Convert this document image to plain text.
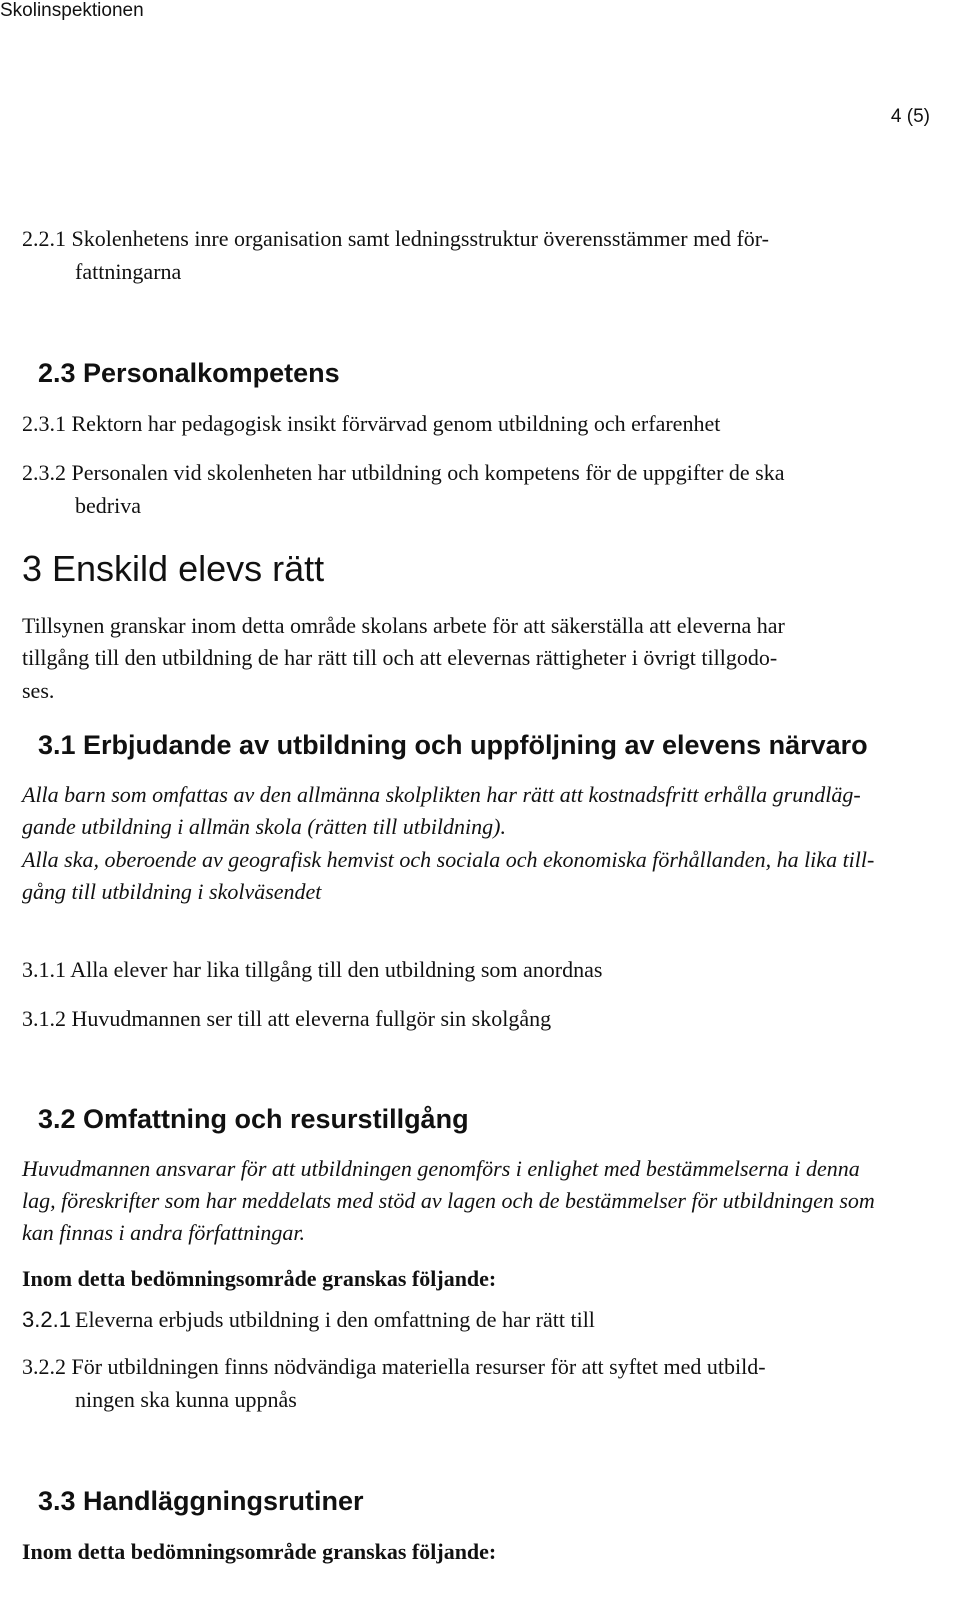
Skolinspektionen
4 (5)

2.2.1 Skolenhetens inre organisation samt ledningsstruktur överensstämmer med för-

fattningarna

2.3 Personalkompetens

2.3.1 Rektorn har pedagogisk insikt förvärvad genom utbildning och erfarenhet

2.3.2 Personalen vid skolenheten har utbildning och kompetens för de uppgifter de ska

bedriva

3 Enskild elevs rätt

Tillsynen granskar inom detta område skolans arbete för att säkerställa att eleverna har

tillgång till den utbildning de har rätt till och att elevernas rättigheter i övrigt tillgodo-

ses.

3.1 Erbjudande av utbildning och uppföljning av elevens närvaro

Alla barn som omfattas av den allmänna skolplikten har rätt att kostnadsfritt erhålla grundläg-

gande utbildning i allmän skola (rätten till utbildning).

Alla ska, oberoende av geografisk hemvist och sociala och ekonomiska förhållanden, ha lika till-

gång till utbildning i skolväsendet

3.1.1 Alla elever har lika tillgång till den utbildning som anordnas

3.1.2 Huvudmannen ser till att eleverna fullgör sin skolgång

3.2 Omfattning och resurstillgång

Huvudmannen ansvarar för att utbildningen genomförs i enlighet med bestämmelserna i denna

lag, föreskrifter som har meddelats med stöd av lagen och de bestämmelser för utbildningen som

kan finnas i andra författningar.

Inom detta bedömningsområde granskas följande:

3.2.1 Eleverna erbjuds utbildning i den omfattning de har rätt till

3.2.2 För utbildningen finns nödvändiga materiella resurser för att syftet med utbild-

ningen ska kunna uppnås

3.3 Handläggningsrutiner

Inom detta bedömningsområde granskas följande:
